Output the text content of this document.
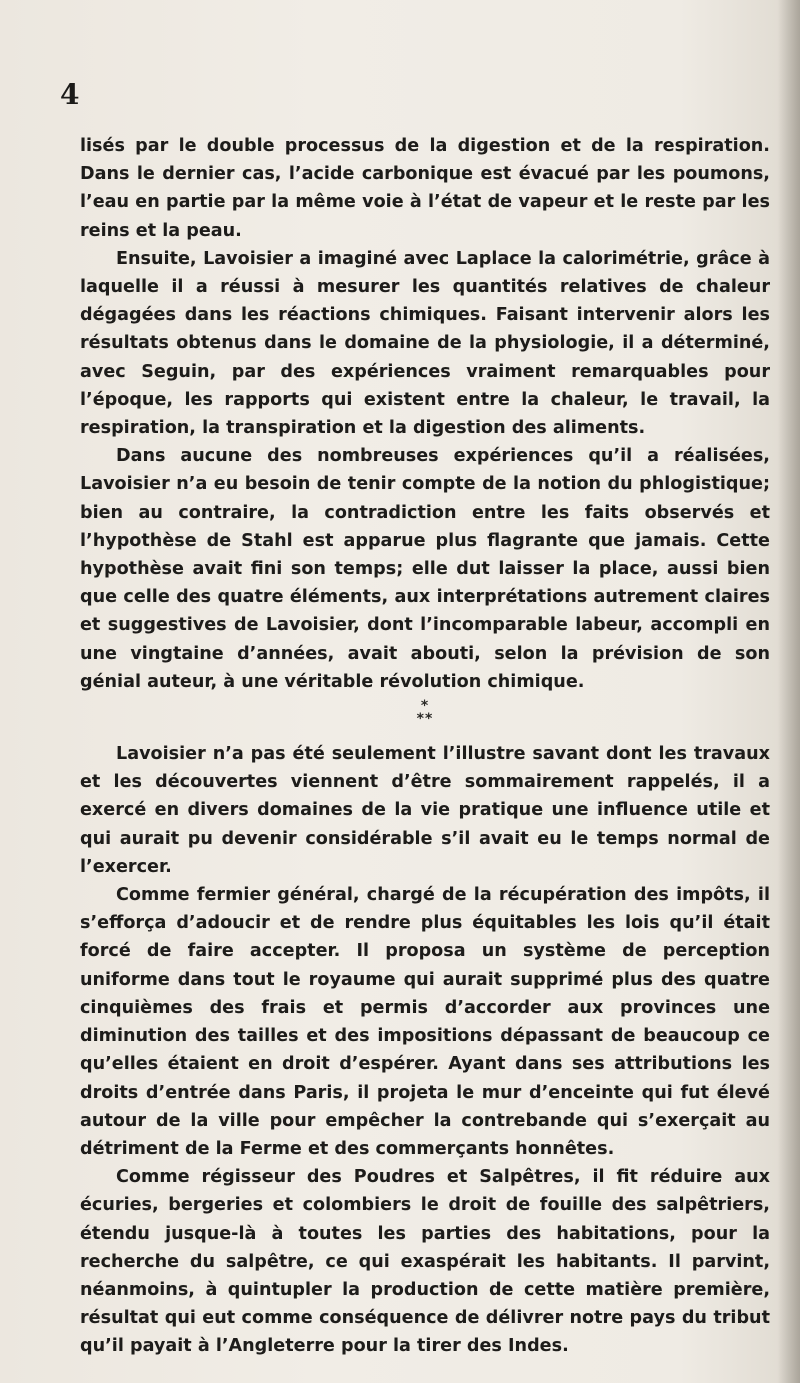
4

lisés par le double processus de la digestion et de la respiration. Dans le dernier cas, l’acide carbonique est évacué par les poumons, l’eau en partie par la même voie à l’état de vapeur et le reste par les reins et la peau.

Ensuite, Lavoisier a imaginé avec Laplace la calorimétrie, grâce à laquelle il a réussi à mesurer les quantités relatives de chaleur dégagées dans les réactions chimiques. Faisant intervenir alors les résultats obtenus dans le domaine de la physiologie, il a déterminé, avec Seguin, par des expériences vraiment remarquables pour l’époque, les rapports qui existent entre la chaleur, le travail, la respiration, la transpiration et la digestion des aliments.

Dans aucune des nombreuses expériences qu’il a réalisées, Lavoisier n’a eu besoin de tenir compte de la notion du phlogistique; bien au contraire, la contradiction entre les faits observés et l’hypothèse de Stahl est apparue plus flagrante que jamais. Cette hypothèse avait fini son temps; elle dut laisser la place, aussi bien que celle des quatre éléments, aux interprétations autrement claires et suggestives de Lavoisier, dont l’incomparable labeur, accompli en une vingtaine d’années, avait abouti, selon la prévision de son génial auteur, à une véritable révolution chimique.

*
**

Lavoisier n’a pas été seulement l’illustre savant dont les travaux et les découvertes viennent d’être sommairement rappelés, il a exercé en divers domaines de la vie pratique une influence utile et qui aurait pu devenir considérable s’il avait eu le temps normal de l’exercer.

Comme fermier général, chargé de la récupération des impôts, il s’efforça d’adoucir et de rendre plus équitables les lois qu’il était forcé de faire accepter. Il proposa un système de perception uniforme dans tout le royaume qui aurait supprimé plus des quatre cinquièmes des frais et permis d’accorder aux provinces une diminution des tailles et des impositions dépassant de beaucoup ce qu’elles étaient en droit d’espérer. Ayant dans ses attributions les droits d’entrée dans Paris, il projeta le mur d’enceinte qui fut élevé autour de la ville pour empêcher la contrebande qui s’exerçait au détriment de la Ferme et des commerçants honnêtes.

Comme régisseur des Poudres et Salpêtres, il fit réduire aux écuries, bergeries et colombiers le droit de fouille des salpêtriers, étendu jusque-là à toutes les parties des habitations, pour la recherche du salpêtre, ce qui exaspérait les habitants. Il parvint, néanmoins, à quintupler la production de cette matière première, résultat qui eut comme conséquence de délivrer notre pays du tribut qu’il payait à l’Angleterre pour la tirer des Indes.
